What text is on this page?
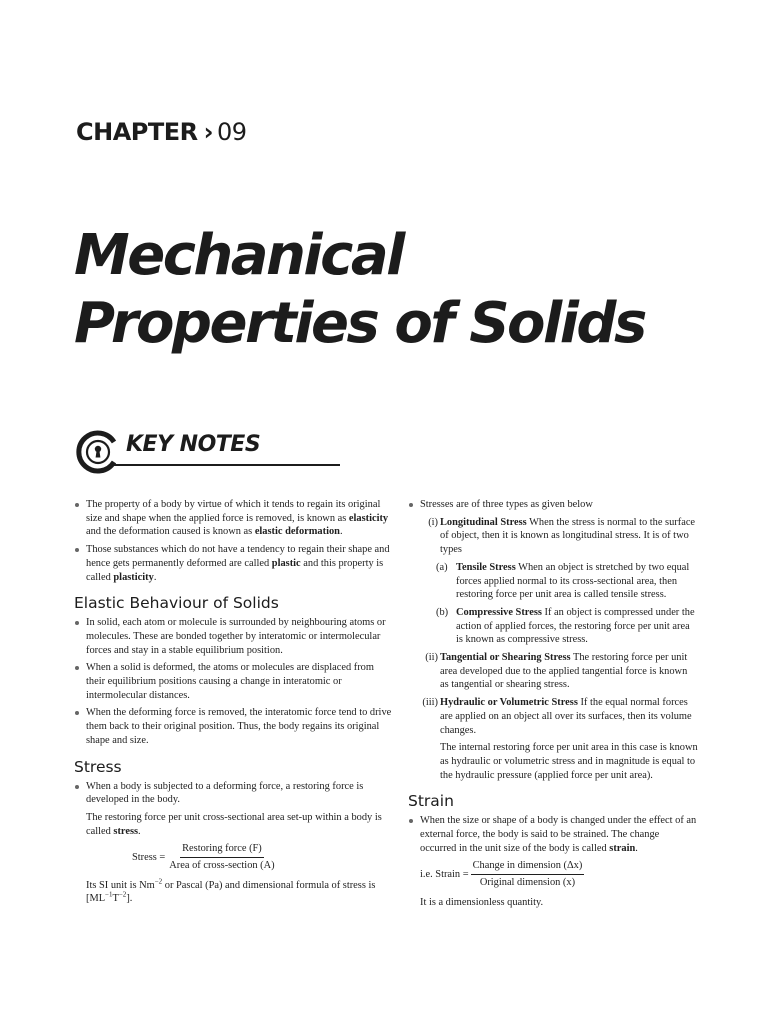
CHAPTER › 09
Mechanical
Properties of Solids
KEY NOTES
The property of a body by virtue of which it tends to regain its original size and shape when the applied force is removed, is known as elasticity and the deformation caused is known as elastic deformation.
Those substances which do not have a tendency to regain their shape and hence gets permanently deformed are called plastic and this property is called plasticity.
Elastic Behaviour of Solids
In solid, each atom or molecule is surrounded by neighbouring atoms or molecules. These are bonded together by interatomic or intermolecular forces and stay in a stable equilibrium position.
When a solid is deformed, the atoms or molecules are displaced from their equilibrium positions causing a change in interatomic or intermolecular distances.
When the deforming force is removed, the interatomic force tend to drive them back to their original position. Thus, the body regains its original shape and size.
Stress
When a body is subjected to a deforming force, a restoring force is developed in the body.
The restoring force per unit cross-sectional area set-up within a body is called stress.
Stress = $\frac{\text{Restoring force (F)}}{\text{Area of cross-section (A)}}$
Its SI unit is $Nm^{-2}$ or Pascal (Pa) and dimensional formula of stress is $[ML^{-1}T^{-2}]$.
Stresses are of three types as given below
(i) Longitudinal Stress When the stress is normal to the surface of object, then it is known as longitudinal stress. It is of two types
(a) Tensile Stress When an object is stretched by two equal forces applied normal to its cross-sectional area, then restoring force per unit area is called tensile stress.
(b) Compressive Stress If an object is compressed under the action of applied forces, the restoring force per unit area is known as compressive stress.
(ii) Tangential or Shearing Stress The restoring force per unit area developed due to the applied tangential force is known as tangential or shearing stress.
(iii) Hydraulic or Volumetric Stress If the equal normal forces are applied on an object all over its surfaces, then its volume changes.
The internal restoring force per unit area in this case is known as hydraulic or volumetric stress and in magnitude is equal to the hydraulic pressure (applied force per unit area).
Strain
When the size or shape of a body is changed under the effect of an external force, the body is said to be strained. The change occurred in the unit size of the body is called strain.
i.e. Strain = $\frac{\text{Change in dimension (Δx)}}{\text{Original dimension (x)}}$
It is a dimensionless quantity.
